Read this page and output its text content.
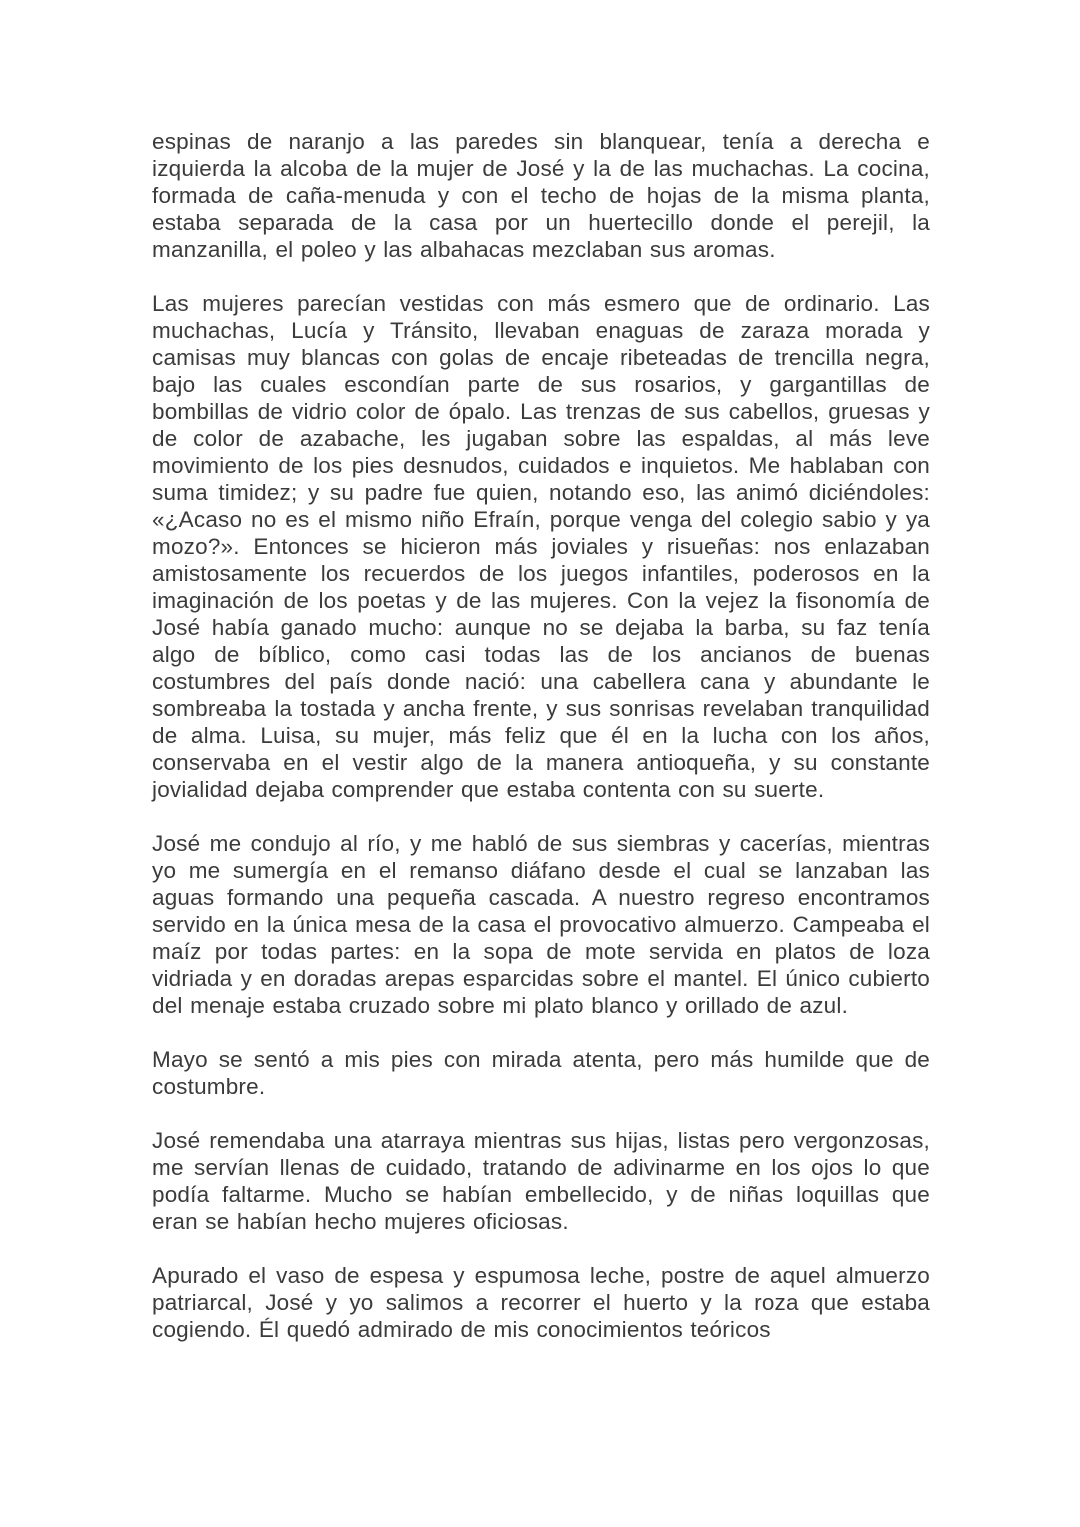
espinas de naranjo a las paredes sin blanquear, tenía a derecha e izquierda la alcoba de la mujer de José y la de las muchachas. La cocina, formada de caña-menuda y con el techo de hojas de la misma planta, estaba separada de la casa por un huertecillo donde el perejil, la manzanilla, el poleo y las albahacas mezclaban sus aromas.

Las mujeres parecían vestidas con más esmero que de ordinario. Las muchachas, Lucía y Tránsito, llevaban enaguas de zaraza morada y camisas muy blancas con golas de encaje ribeteadas de trencilla negra, bajo las cuales escondían parte de sus rosarios, y gargantillas de bombillas de vidrio color de ópalo. Las trenzas de sus cabellos, gruesas y de color de azabache, les jugaban sobre las espaldas, al más leve movimiento de los pies desnudos, cuidados e inquietos. Me hablaban con suma timidez; y su padre fue quien, notando eso, las animó diciéndoles: «¿Acaso no es el mismo niño Efraín, porque venga del colegio sabio y ya mozo?». Entonces se hicieron más joviales y risueñas: nos enlazaban amistosamente los recuerdos de los juegos infantiles, poderosos en la imaginación de los poetas y de las mujeres. Con la vejez la fisonomía de José había ganado mucho: aunque no se dejaba la barba, su faz tenía algo de bíblico, como casi todas las de los ancianos de buenas costumbres del país donde nació: una cabellera cana y abundante le sombreaba la tostada y ancha frente, y sus sonrisas revelaban tranquilidad de alma. Luisa, su mujer, más feliz que él en la lucha con los años, conservaba en el vestir algo de la manera antioqueña, y su constante jovialidad dejaba comprender que estaba contenta con su suerte.

José me condujo al río, y me habló de sus siembras y cacerías, mientras yo me sumergía en el remanso diáfano desde el cual se lanzaban las aguas formando una pequeña cascada. A nuestro regreso encontramos servido en la única mesa de la casa el provocativo almuerzo. Campeaba el maíz por todas partes: en la sopa de mote servida en platos de loza vidriada y en doradas arepas esparcidas sobre el mantel. El único cubierto del menaje estaba cruzado sobre mi plato blanco y orillado de azul.

Mayo se sentó a mis pies con mirada atenta, pero más humilde que de costumbre.

José remendaba una atarraya mientras sus hijas, listas pero vergonzosas, me servían llenas de cuidado, tratando de adivinarme en los ojos lo que podía faltarme. Mucho se habían embellecido, y de niñas loquillas que eran se habían hecho mujeres oficiosas.

Apurado el vaso de espesa y espumosa leche, postre de aquel almuerzo patriarcal, José y yo salimos a recorrer el huerto y la roza que estaba cogiendo. Él quedó admirado de mis conocimientos teóricos
